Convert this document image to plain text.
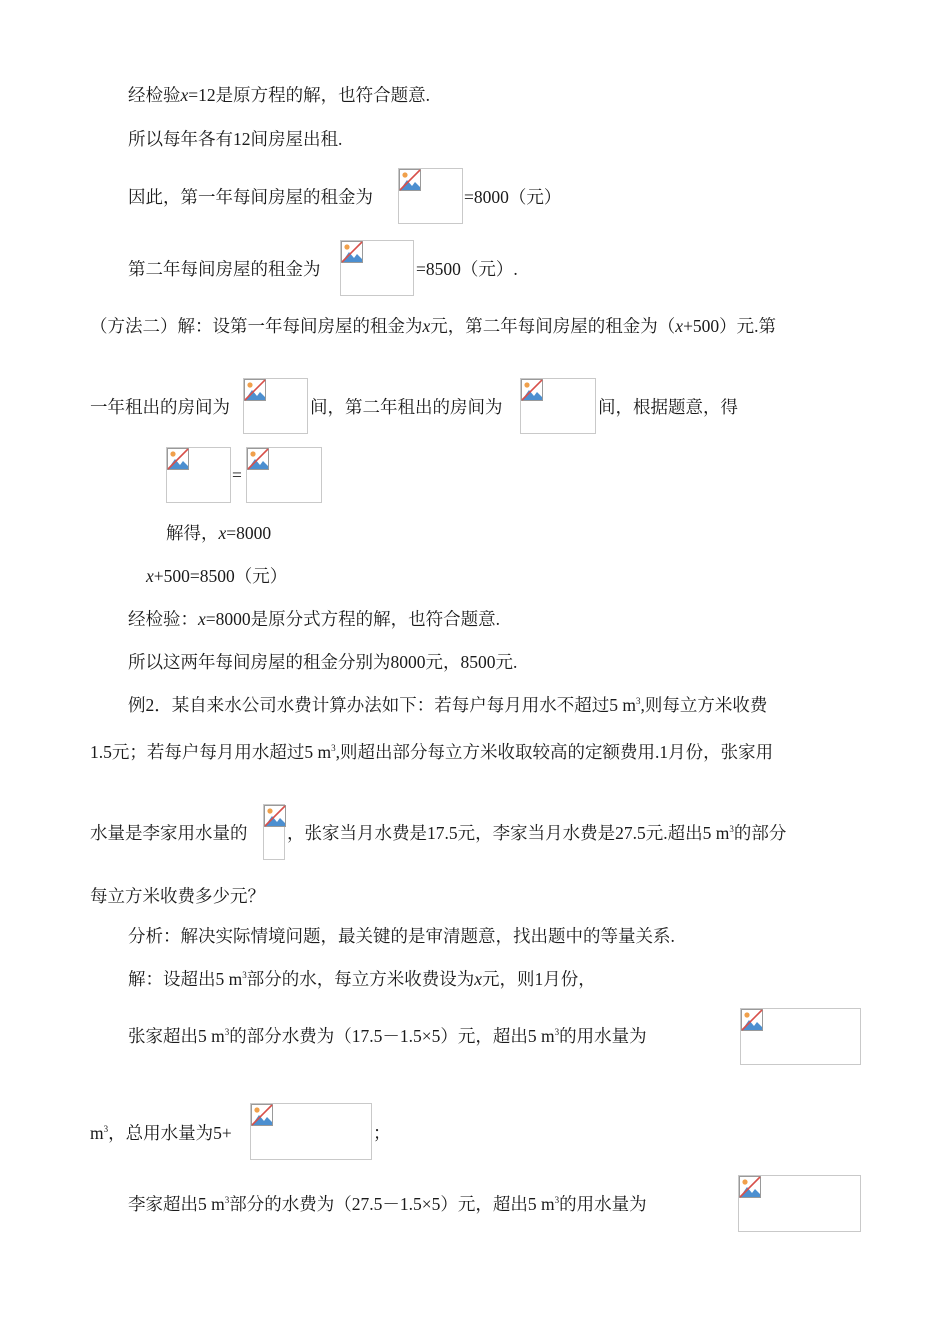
经检验x=12是原方程的解，也符合题意.
所以每年各有12间房屋出租.
因此，第一年每间房屋的租金为	=8000（元）
第二年每间房屋的租金为	=8500（元）.
（方法二）解：设第一年每间房屋的租金为x元，第二年每间房屋的租金为（x+500）元.第
一年租出的房间为	间，第二年租出的房间为	间，根据题意，得
=
解得，x=8000
x+500=8500（元）
经检验：x=8000是原分式方程的解，也符合题意.
所以这两年每间房屋的租金分别为8000元，8500元.
例2．某自来水公司水费计算办法如下：若每户每月用水不超过5 $m^3$,则每立方米收费
1.5元；若每户每月用水超过5 $m^3$,则超出部分每立方米收取较高的定额费用.1月份，张家用
水量是李家用水量的 ，张家当月水费是17.5元，李家当月水费是27.5元.超出5 $m^3$的部分
每立方米收费多少元？
分析：解决实际情境问题，最关键的是审清题意，找出题中的等量关系.
解：设超出5 $m^3$部分的水，每立方米收费设为x元，则1月份，
张家超出5 $m^3$的部分水费为（17.5－1.5×5）元，超出5 $m^3$的用水量为
$m^3$，总用水量为5+	；
李家超出5 $m^3$部分的水费为（27.5－1.5×5）元，超出5 $m^3$的用水量为
